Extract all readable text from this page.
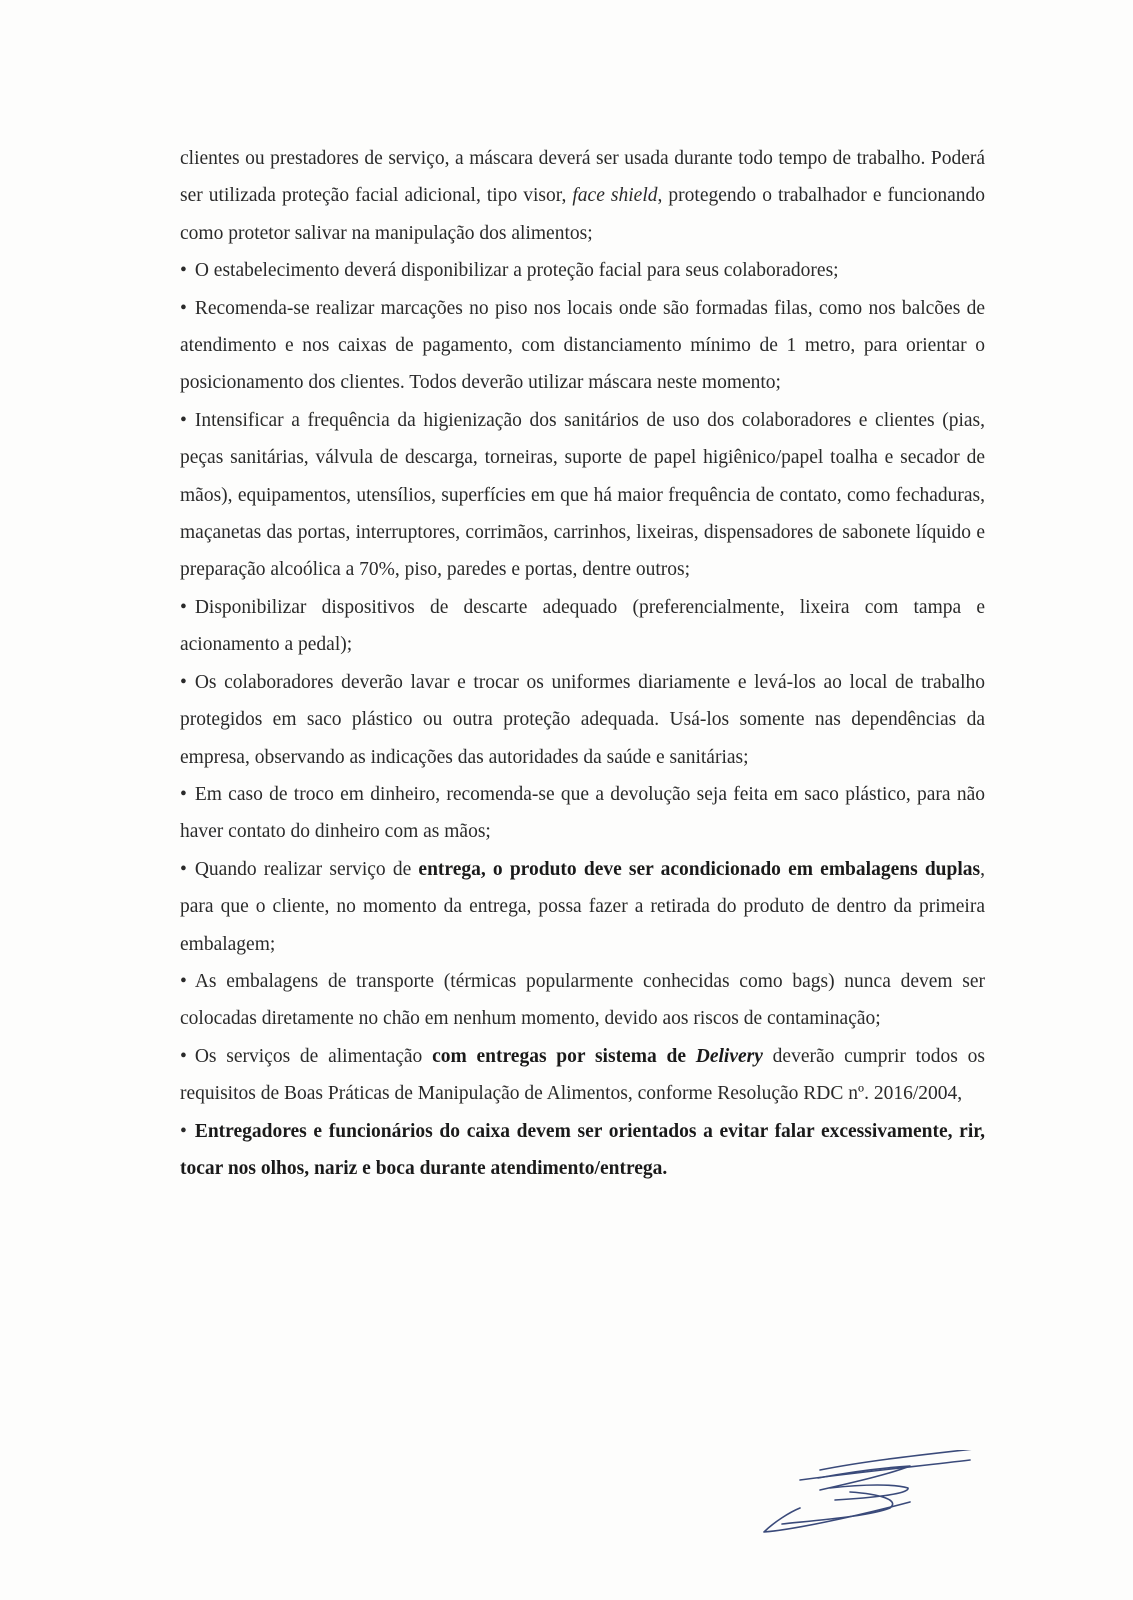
clientes ou prestadores de serviço, a máscara deverá ser usada durante todo tempo de trabalho. Poderá ser utilizada proteção facial adicional, tipo visor, face shield, protegendo o trabalhador e funcionando como protetor salivar na manipulação dos alimentos;

• O estabelecimento deverá disponibilizar a proteção facial para seus colaboradores;

• Recomenda-se realizar marcações no piso nos locais onde são formadas filas, como nos balcões de atendimento e nos caixas de pagamento, com distanciamento mínimo de 1 metro, para orientar o posicionamento dos clientes. Todos deverão utilizar máscara neste momento;

• Intensificar a frequência da higienização dos sanitários de uso dos colaboradores e clientes (pias, peças sanitárias, válvula de descarga, torneiras, suporte de papel higiênico/papel toalha e secador de mãos), equipamentos, utensílios, superfícies em que há maior frequência de contato, como fechaduras, maçanetas das portas, interruptores, corrimãos, carrinhos, lixeiras, dispensadores de sabonete líquido e preparação alcoólica a 70%, piso, paredes e portas, dentre outros;

• Disponibilizar dispositivos de descarte adequado (preferencialmente, lixeira com tampa e acionamento a pedal);

• Os colaboradores deverão lavar e trocar os uniformes diariamente e levá-los ao local de trabalho protegidos em saco plástico ou outra proteção adequada. Usá-los somente nas dependências da empresa, observando as indicações das autoridades da saúde e sanitárias;

• Em caso de troco em dinheiro, recomenda-se que a devolução seja feita em saco plástico, para não haver contato do dinheiro com as mãos;

• Quando realizar serviço de entrega, o produto deve ser acondicionado em embalagens duplas, para que o cliente, no momento da entrega, possa fazer a retirada do produto de dentro da primeira embalagem;

• As embalagens de transporte (térmicas popularmente conhecidas como bags) nunca devem ser colocadas diretamente no chão em nenhum momento, devido aos riscos de contaminação;

• Os serviços de alimentação com entregas por sistema de Delivery deverão cumprir todos os requisitos de Boas Práticas de Manipulação de Alimentos, conforme Resolução RDC nº. 2016/2004,

• Entregadores e funcionários do caixa devem ser orientados a evitar falar excessivamente, rir, tocar nos olhos, nariz e boca durante atendimento/entrega.
